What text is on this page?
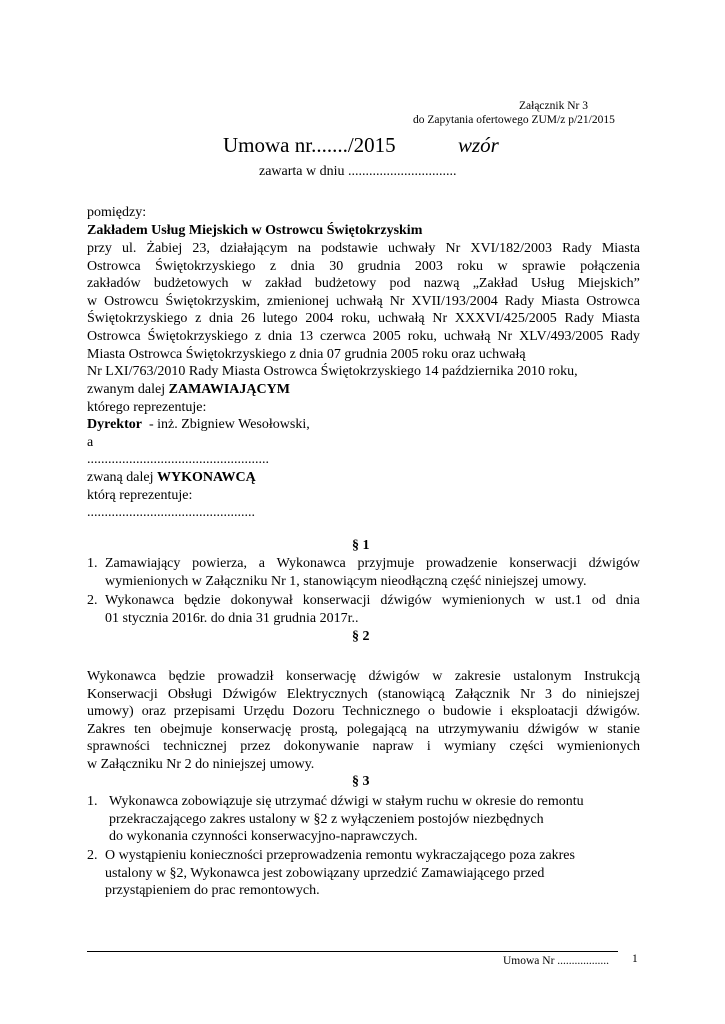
Załącznik Nr 3
do Zapytania ofertowego ZUM/z p/21/2015
Umowa nr......./2015	wzór
zawarta w dniu ...............................
pomiędzy:
Zakładem Usług Miejskich w Ostrowcu Świętokrzyskim
przy ul. Żabiej 23, działającym na podstawie uchwały Nr XVI/182/2003 Rady Miasta
Ostrowca Świętokrzyskiego z dnia 30 grudnia 2003 roku w sprawie połączenia
zakładów budżetowych w zakład budżetowy pod nazwą „Zakład Usług Miejskich”
w Ostrowcu Świętokrzyskim, zmienionej uchwałą Nr XVII/193/2004 Rady Miasta Ostrowca
Świętokrzyskiego z dnia 26 lutego 2004 roku, uchwałą Nr XXXVI/425/2005 Rady Miasta
Ostrowca Świętokrzyskiego z dnia 13 czerwca 2005 roku, uchwałą Nr XLV/493/2005 Rady
Miasta Ostrowca Świętokrzyskiego z dnia 07 grudnia 2005 roku oraz uchwałą
Nr LXI/763/2010 Rady Miasta Ostrowca Świętokrzyskiego 14 października 2010 roku,
zwanym dalej ZAMAWIAJĄCYM
którego reprezentuje:
Dyrektor - inż. Zbigniew Wesołowski,
a
....................................................
zwaną dalej WYKONAWCĄ
którą reprezentuje:
................................................
§ 1
1. Zamawiający powierza, a Wykonawca przyjmuje prowadzenie konserwacji dźwigów
wymienionych w Załączniku Nr 1, stanowiącym nieodłączną część niniejszej umowy.
2. Wykonawca będzie dokonywał konserwacji dźwigów wymienionych w ust.1 od dnia
01 stycznia 2016r. do dnia 31 grudnia 2017r..
§ 2
Wykonawca będzie prowadził konserwację dźwigów w zakresie ustalonym Instrukcją
Konserwacji Obsługi Dźwigów Elektrycznych (stanowiącą Załącznik Nr 3 do niniejszej
umowy) oraz przepisami Urzędu Dozoru Technicznego o budowie i eksploatacji dźwigów.
Zakres ten obejmuje konserwację prostą, polegającą na utrzymywaniu dźwigów w stanie
sprawności technicznej przez dokonywanie napraw i wymiany części wymienionych
w Załączniku Nr 2 do niniejszej umowy.
§ 3
1. Wykonawca zobowiązuje się utrzymać dźwigi w stałym ruchu w okresie do remontu
przekraczającego zakres ustalony w §2 z wyłączeniem postojów niezbędnych
do wykonania czynności konserwacyjno-naprawczych.
2. O wystąpieniu konieczności przeprowadzenia remontu wykraczającego poza zakres
ustalony w §2, Wykonawca jest zobowiązany uprzedzić Zamawiającego przed
przystąpieniem do prac remontowych.
Umowa Nr .................. 1
